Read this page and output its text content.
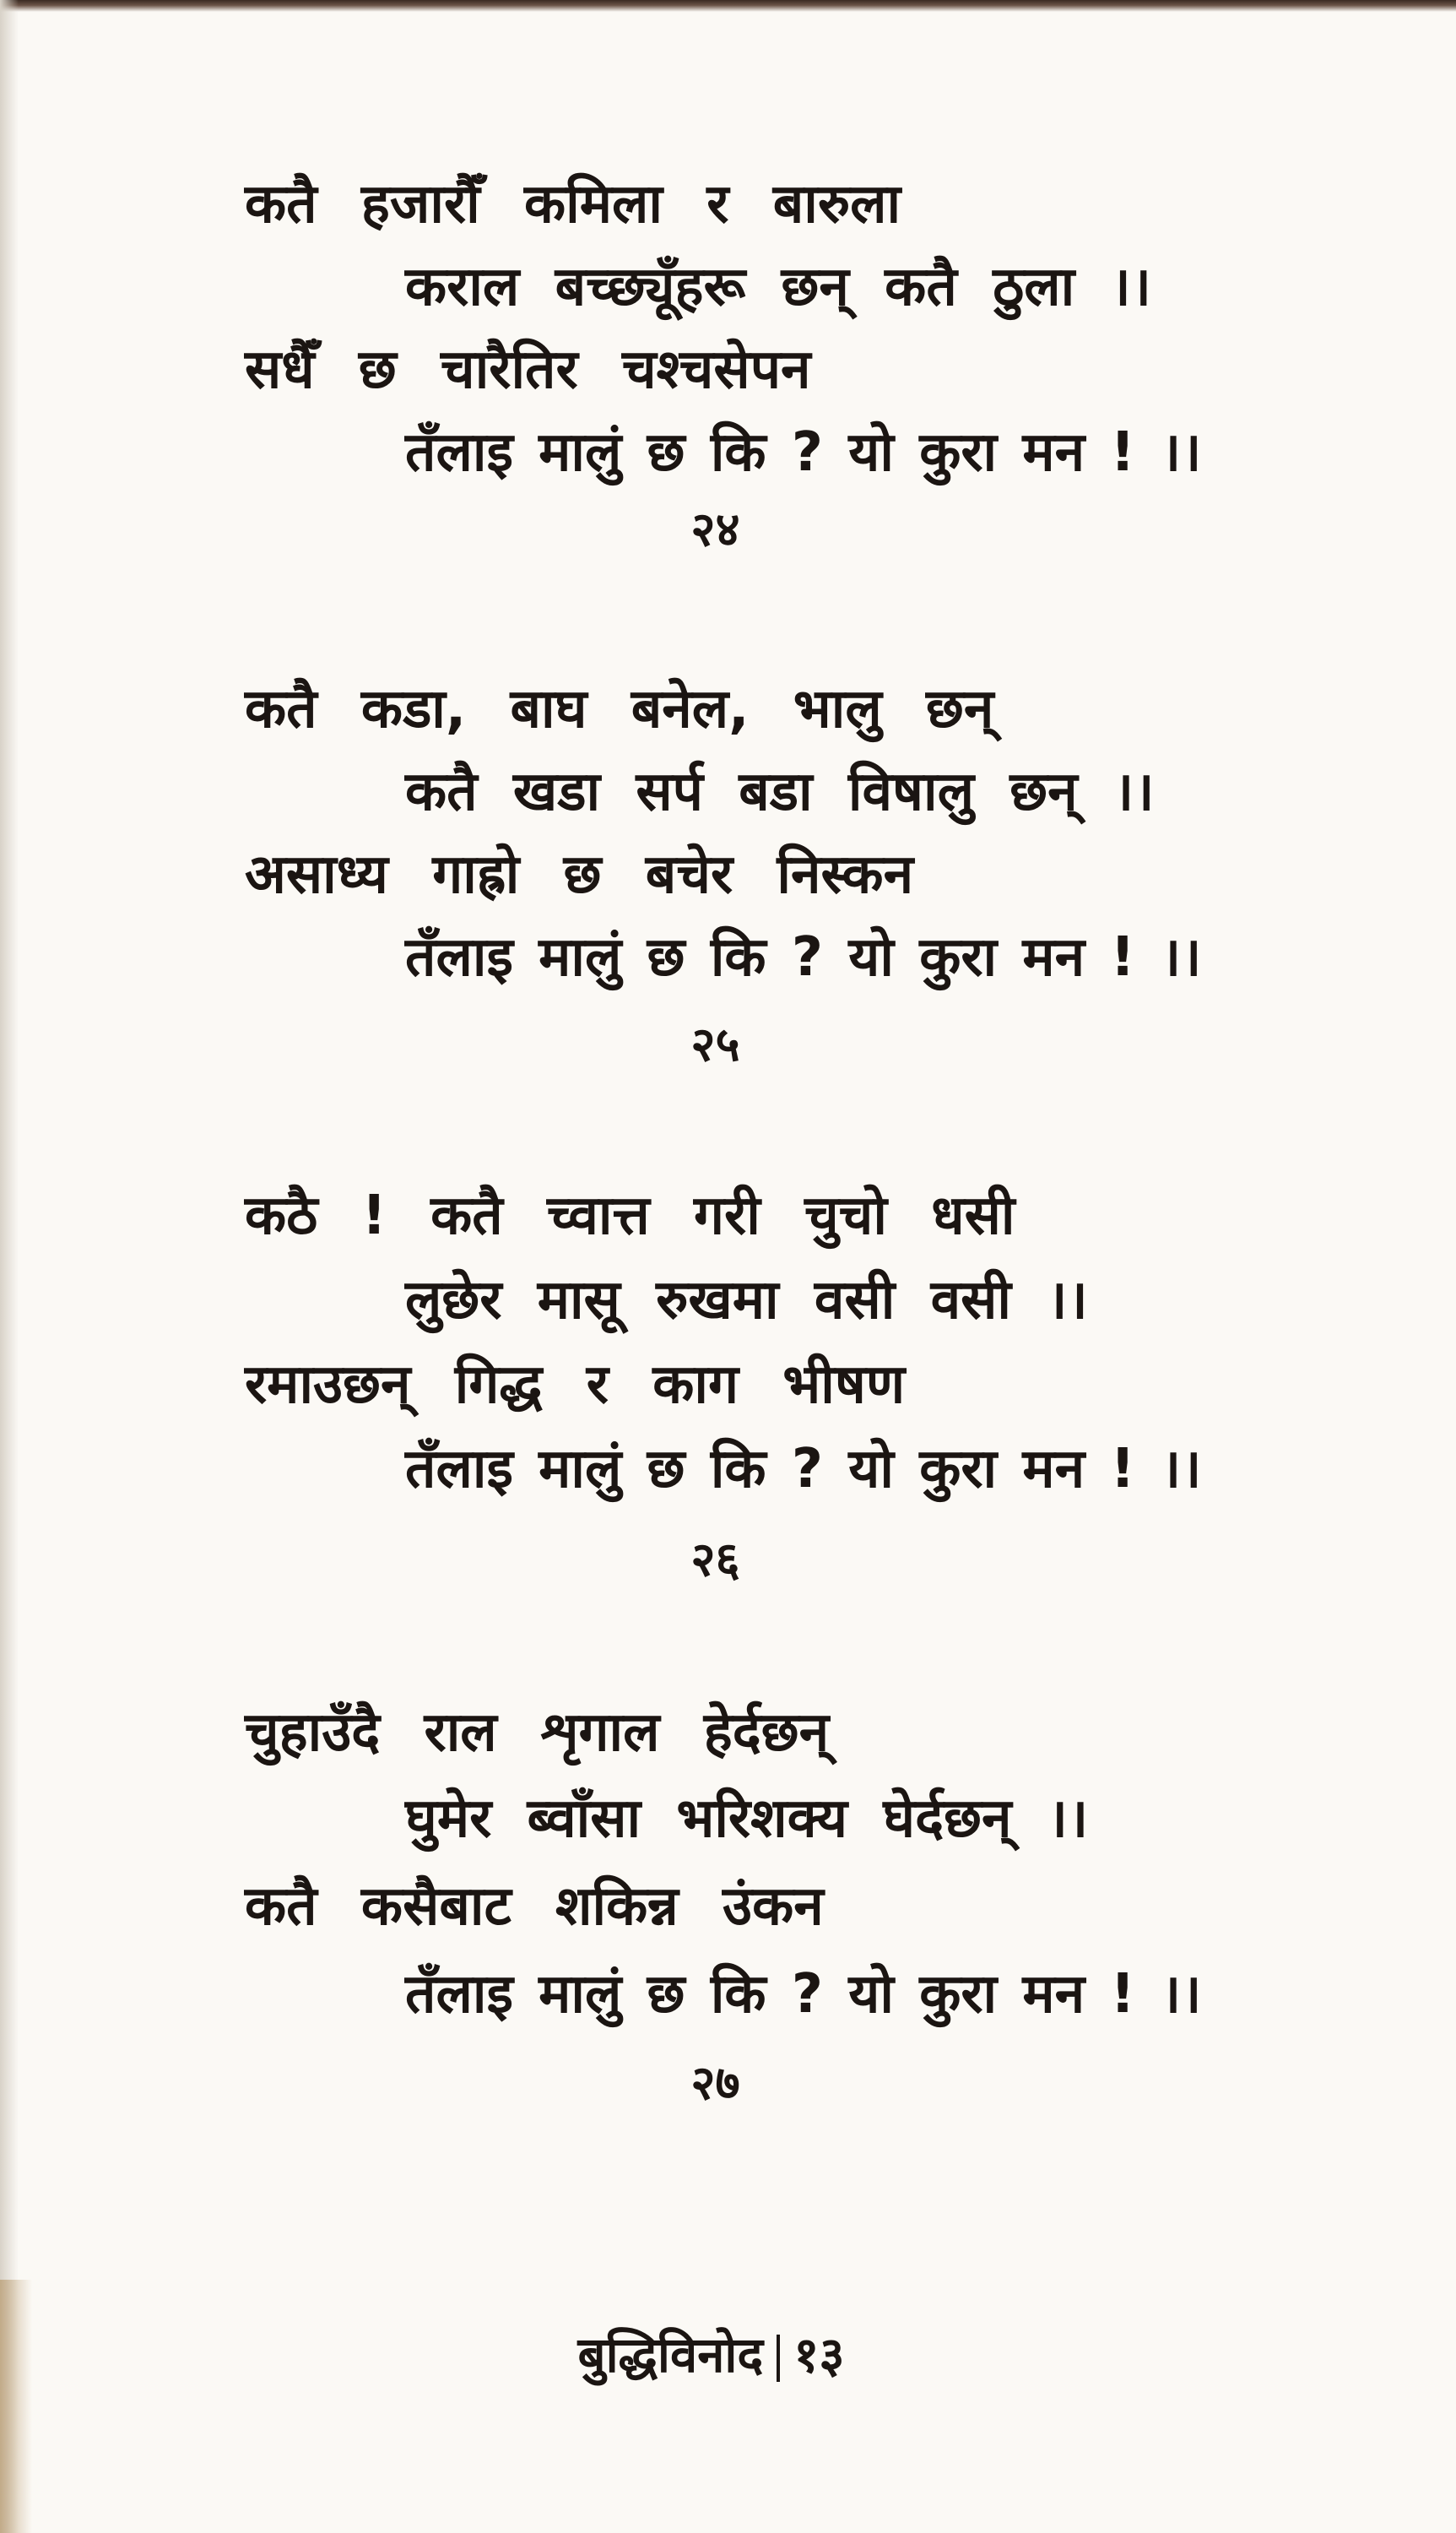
कतै हजारौँ कमिला र बारुला
कराल बच्छ्यूँहरू छन् कतै ठुला ।।
सधैँ छ चारैतिर चश्चसेपन
तँलाइ मालुं छ कि ? यो कुरा मन ! ।।
२४
कतै कडा, बाघ बनेल, भालु छन्
कतै खडा सर्प बडा विषालु छन् ।।
असाध्य गाह्रो छ बचेर निस्कन
तँलाइ मालुं छ कि ? यो कुरा मन ! ।।
२५
कठै ! कतै च्वात्त गरी चुचो धसी
लुछेर मासू रुखमा वसी वसी ।।
रमाउछन् गिद्ध र काग भीषण
तँलाइ मालुं छ कि ? यो कुरा मन ! ।।
२६
चुहाउँदै राल शृगाल हेर्दछन्
घुमेर ब्वाँसा भरिशक्य घेर्दछन् ।।
कतै कसैबाट शकिन्न उंकन
तँलाइ मालुं छ कि ? यो कुरा मन ! ।।
२७
बुद्धिविनोद १३
